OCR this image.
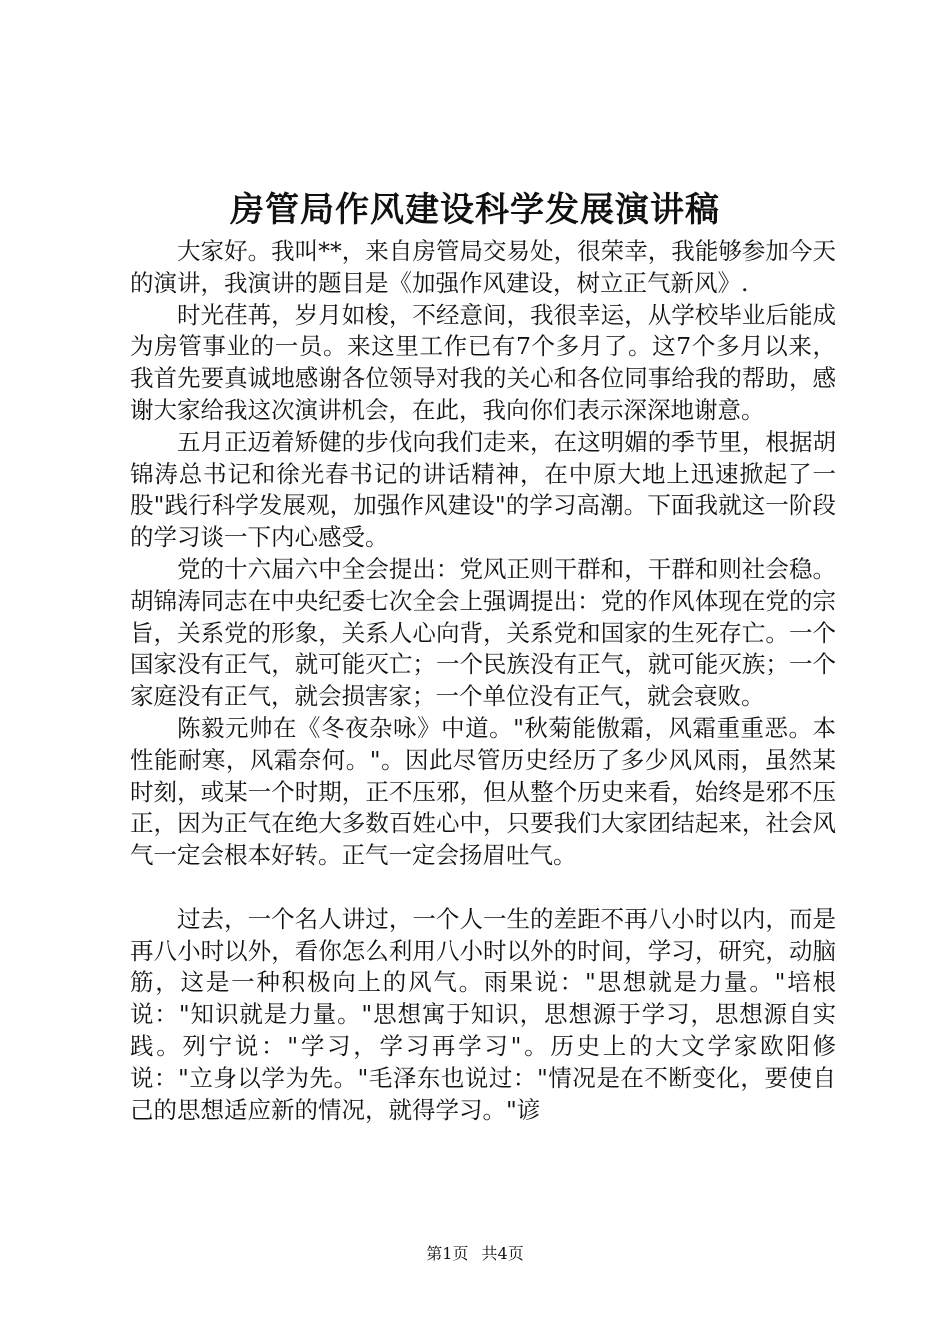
房管局作风建设科学发展演讲稿

大家好。我叫**，来自房管局交易处，很荣幸，我能够参加今天的演讲，我演讲的题目是《加强作风建设，树立正气新风》.

时光荏苒，岁月如梭，不经意间，我很幸运，从学校毕业后能成为房管事业的一员。来这里工作已有7个多月了。这7个多月以来，我首先要真诚地感谢各位领导对我的关心和各位同事给我的帮助，感谢大家给我这次演讲机会，在此，我向你们表示深深地谢意。

五月正迈着矫健的步伐向我们走来，在这明媚的季节里，根据胡锦涛总书记和徐光春书记的讲话精神，在中原大地上迅速掀起了一股"践行科学发展观，加强作风建设"的学习高潮。下面我就这一阶段的学习谈一下内心感受。

党的十六届六中全会提出：党风正则干群和，干群和则社会稳。胡锦涛同志在中央纪委七次全会上强调提出：党的作风体现在党的宗旨，关系党的形象，关系人心向背，关系党和国家的生死存亡。一个国家没有正气，就可能灭亡；一个民族没有正气，就可能灭族；一个家庭没有正气，就会损害家；一个单位没有正气，就会衰败。

陈毅元帅在《冬夜杂咏》中道。"秋菊能傲霜，风霜重重恶。本性能耐寒，风霜奈何。"。因此尽管历史经历了多少风风雨，虽然某时刻，或某一个时期，正不压邪，但从整个历史来看，始终是邪不压正，因为正气在绝大多数百姓心中，只要我们大家团结起来，社会风气一定会根本好转。正气一定会扬眉吐气。

过去，一个名人讲过，一个人一生的差距不再八小时以内，而是再八小时以外，看你怎么利用八小时以外的时间，学习，研究，动脑筋，这是一种积极向上的风气。雨果说："思想就是力量。"培根说："知识就是力量。"思想寓于知识，思想源于学习，思想源自实践。列宁说："学习，学习再学习"。历史上的大文学家欧阳修说："立身以学为先。"毛泽东也说过："情况是在不断变化，要使自己的思想适应新的情况，就得学习。"谚

第1页 共4页
